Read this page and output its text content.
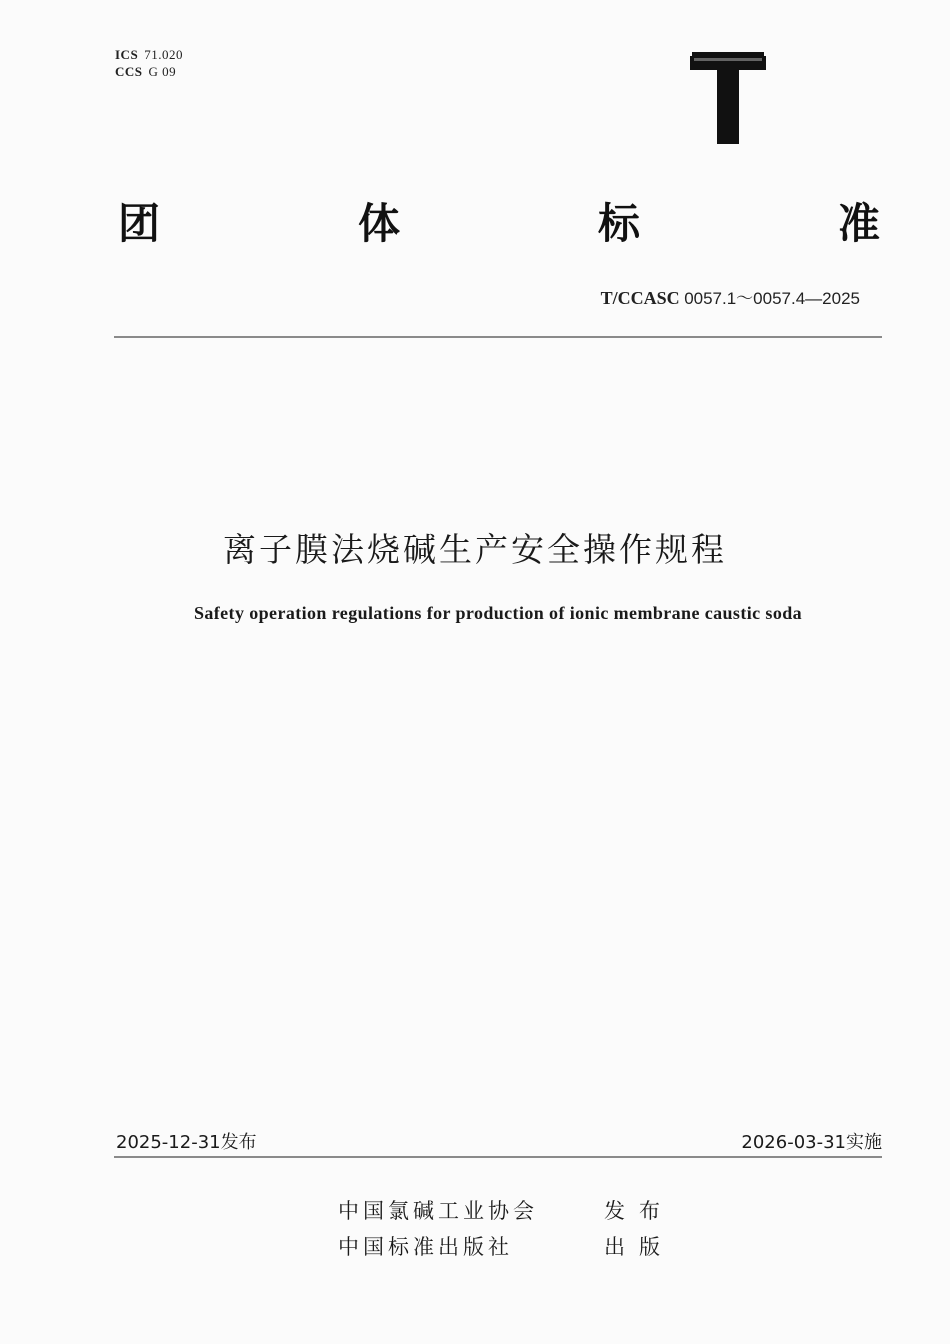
ICS 71.020
CCS G 09
团	体	标	准
T/CCASC 0057.1～0057.4—2025
离子膜法烧碱生产安全操作规程
Safety operation regulations for production of ionic membrane caustic soda
2025-12-31发布	2026-03-31实施
中国氯碱工业协会	发布
中国标准出版社	出版
